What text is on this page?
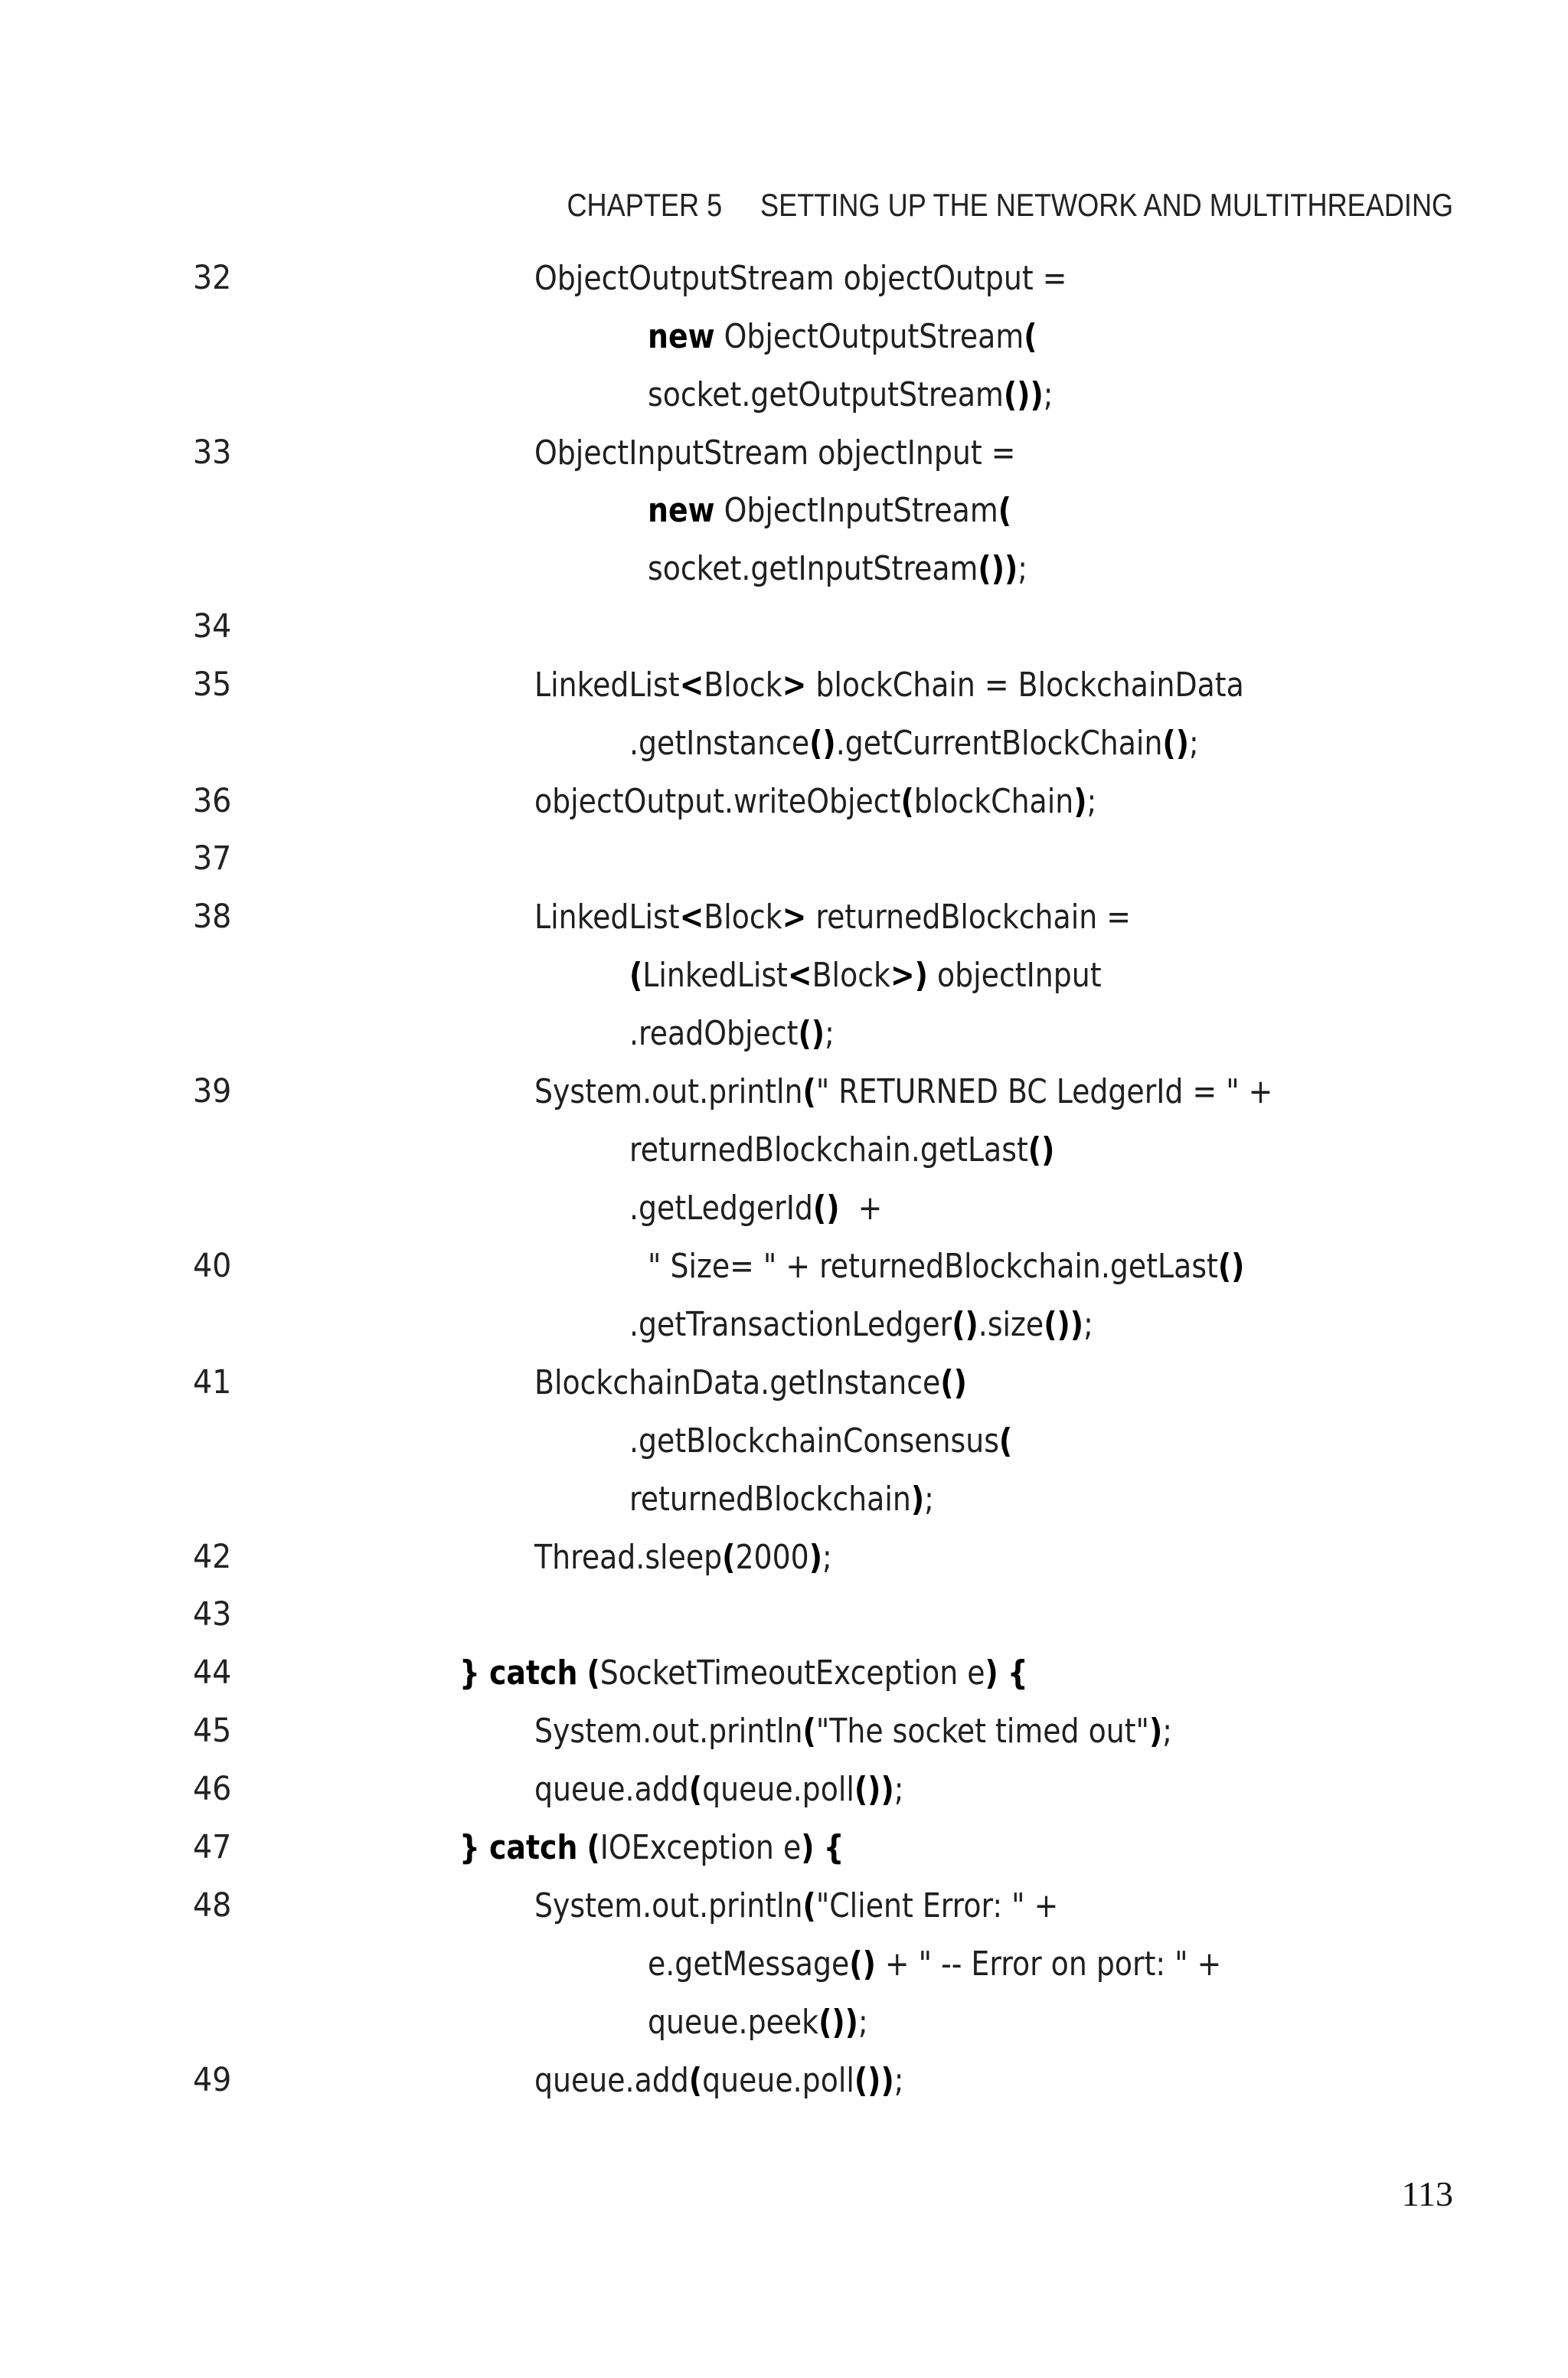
CHAPTER 5 SETTING UP THE NETWORK AND MULTITHREADING
32	ObjectOutputStream objectOutput =
new ObjectOutputStream(
socket.getOutputStream());
33	ObjectInputStream objectInput =
new ObjectInputStream(
socket.getInputStream());
34
35	LinkedList<Block> blockChain = BlockchainData
.getInstance().getCurrentBlockChain();
36	objectOutput.writeObject(blockChain);
37
38	LinkedList<Block> returnedBlockchain =
(LinkedList<Block>) objectInput
.readObject();
39	System.out.println(" RETURNED BC LedgerId = " +
returnedBlockchain.getLast()
.getLedgerId()  +
40	" Size= " + returnedBlockchain.getLast()
.getTransactionLedger().size());
41	BlockchainData.getInstance()
.getBlockchainConsensus(
returnedBlockchain);
42	Thread.sleep(2000);
43
44	} catch (SocketTimeoutException e) {
45	System.out.println("The socket timed out");
46	queue.add(queue.poll());
47	} catch (IOException e) {
48	System.out.println("Client Error: " +
e.getMessage() + " -- Error on port: " +
queue.peek());
49	queue.add(queue.poll());
113
